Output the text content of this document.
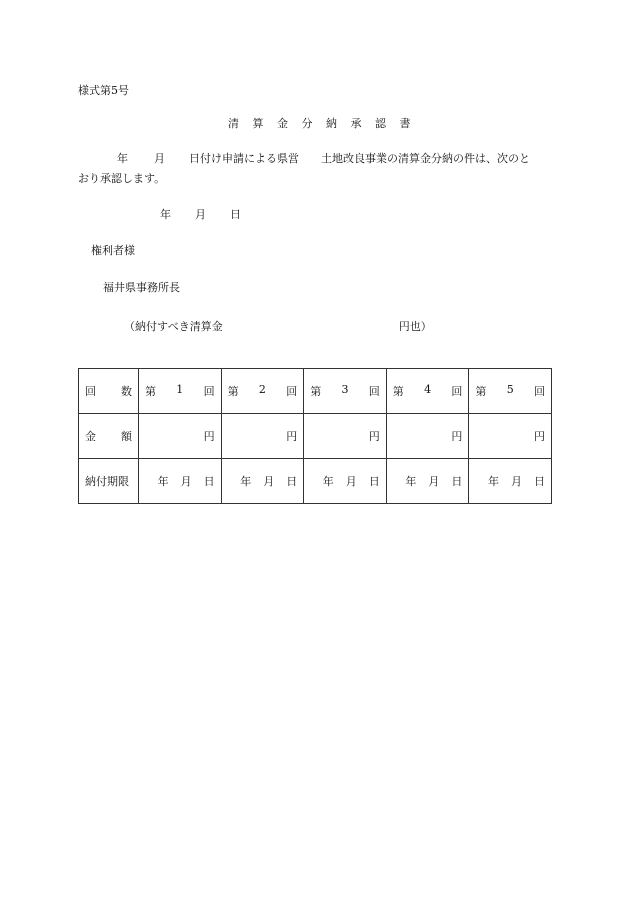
様式第5号
清 算 金 分 納 承 認 書
年 月 日付け申請による県営　　土地改良事業の清算金分納の件は、次のと
おり承認します。
年 月 日
権利者様
福井県事務所長
（納付すべき清算金	円也）
回 数	第 1 回	第 2 回	第 3 回	第 4 回	第 5 回

金 額	円	円	円	円	円
納付期限	年 月 日	年 月 日	年 月 日	年 月 日	年 月 日
